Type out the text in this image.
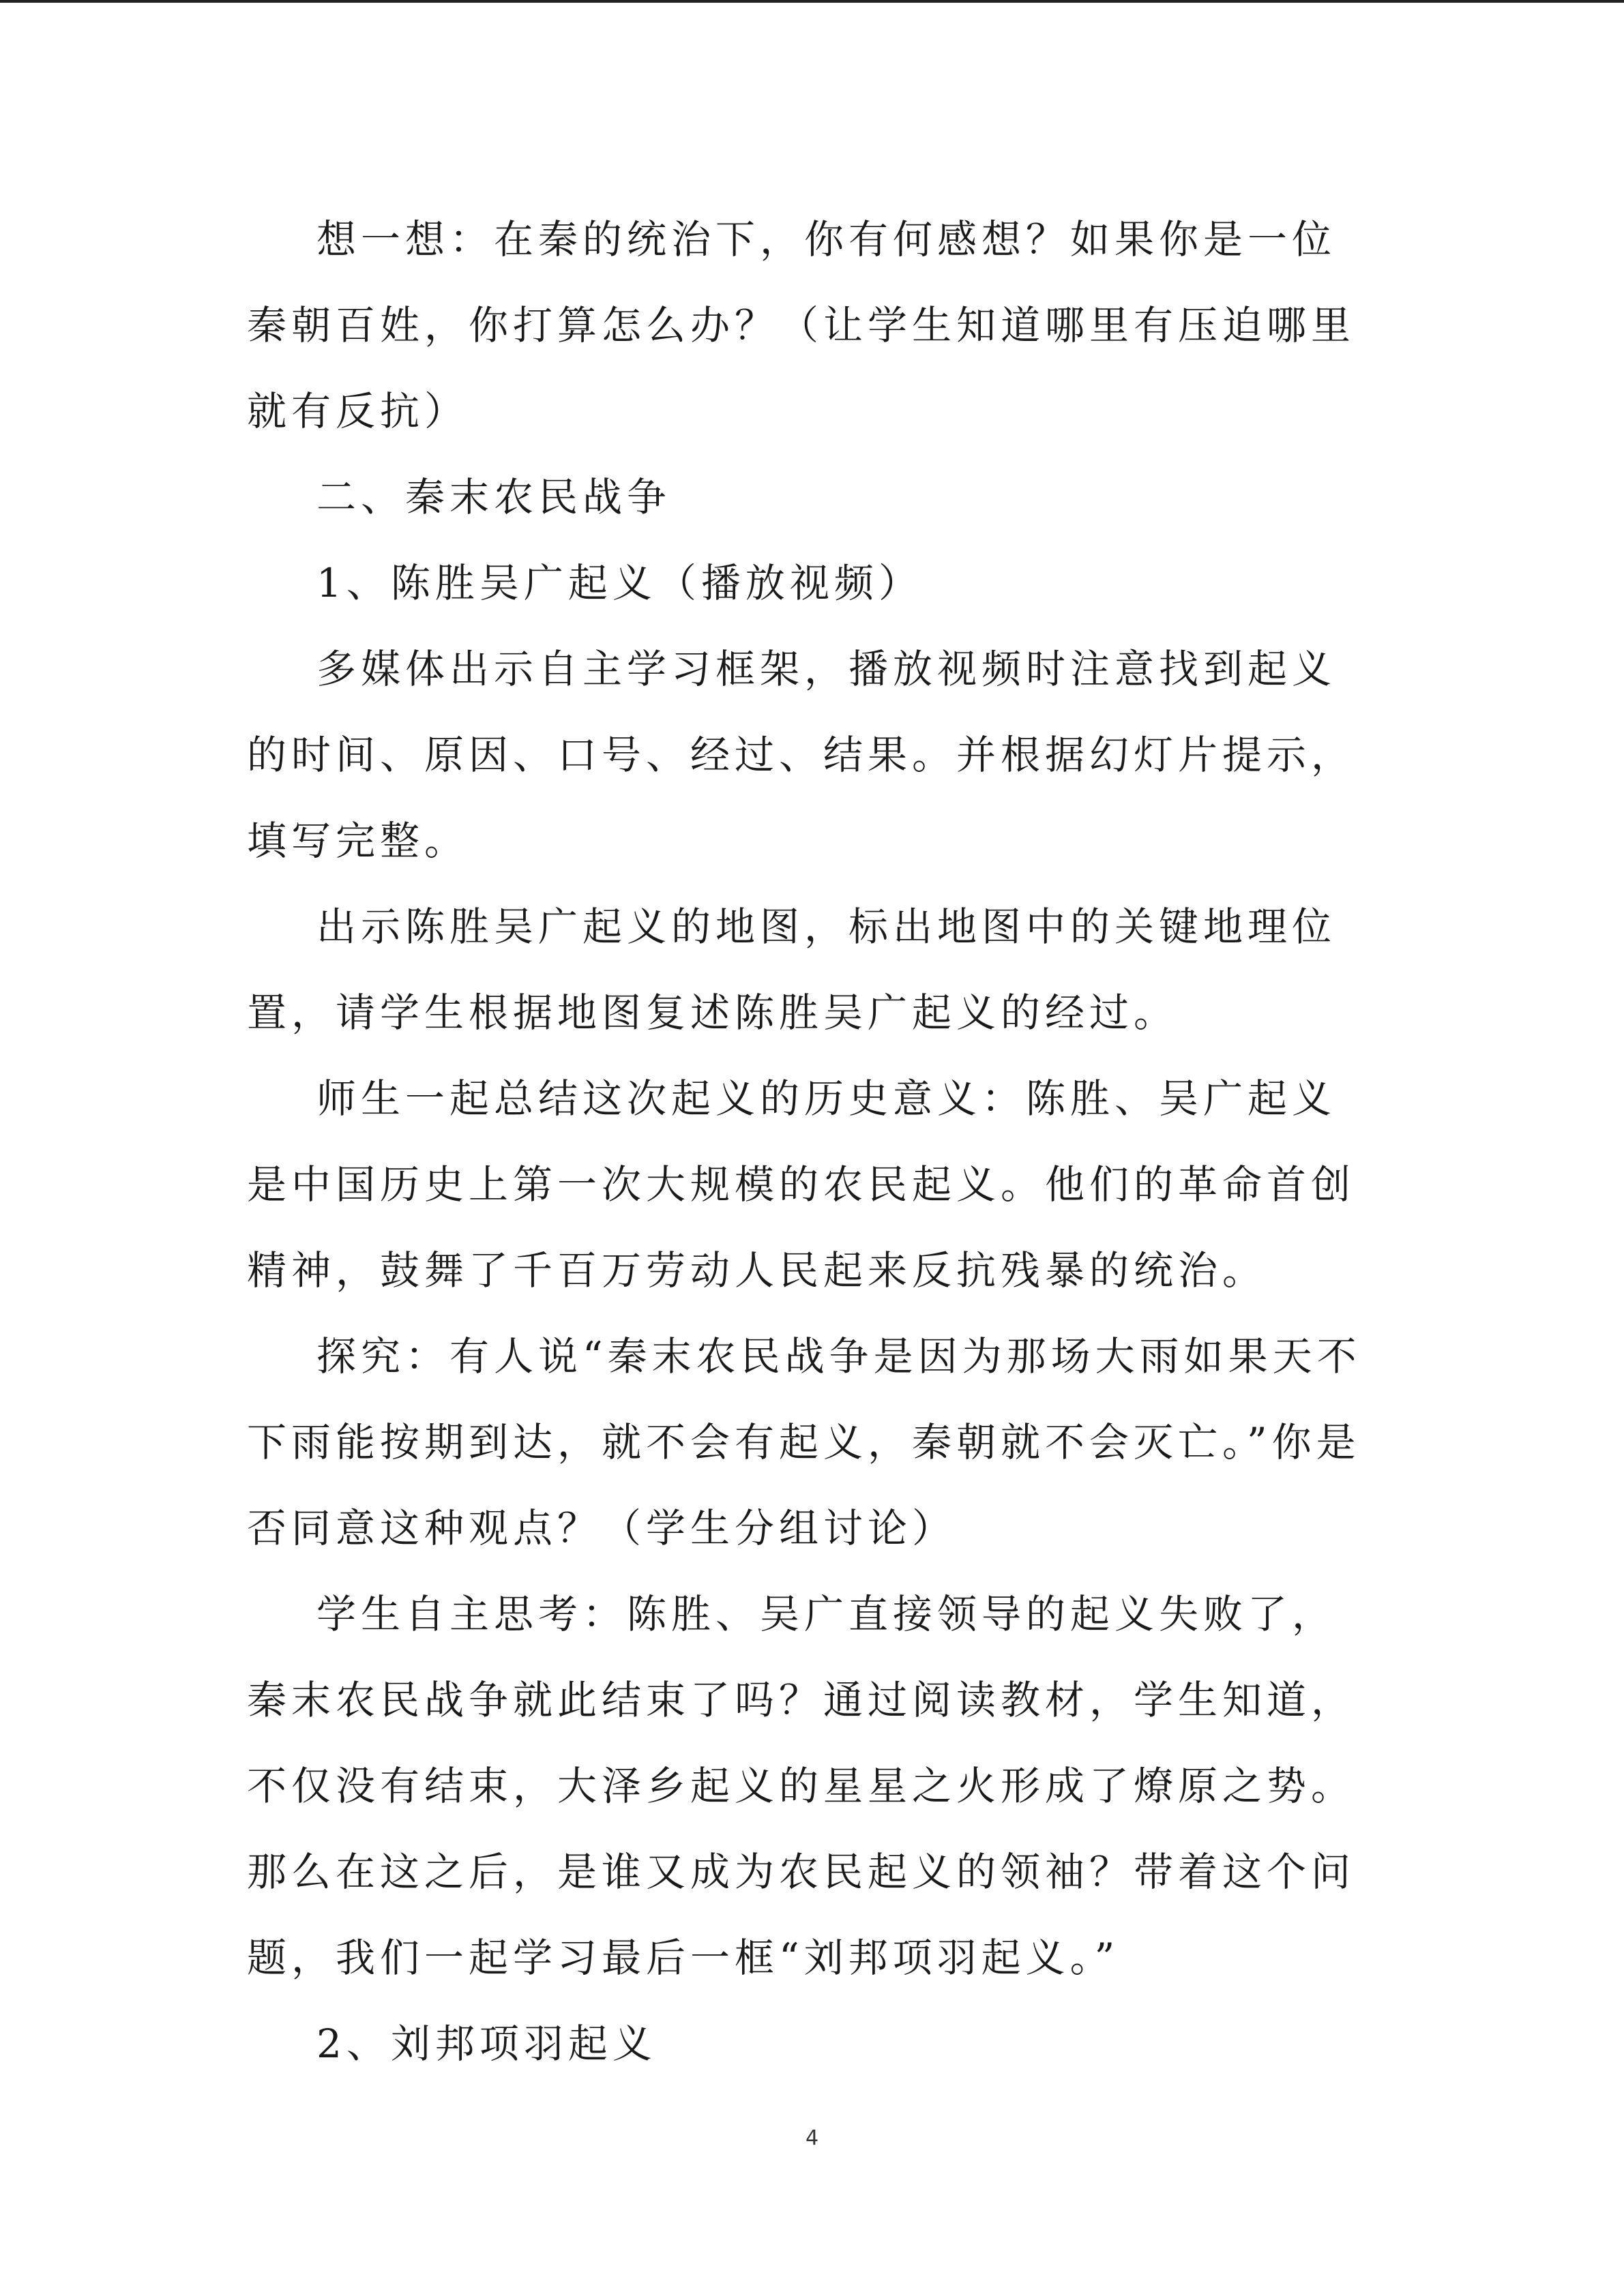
想一想：在秦的统治下，你有何感想？如果你是一位秦朝百姓，你打算怎么办？（让学生知道哪里有压迫哪里就有反抗）

二、秦末农民战争

1、陈胜吴广起义（播放视频）

多媒体出示自主学习框架，播放视频时注意找到起义的时间、原因、口号、经过、结果。并根据幻灯片提示，填写完整。

出示陈胜吴广起义的地图，标出地图中的关键地理位置，请学生根据地图复述陈胜吴广起义的经过。

师生一起总结这次起义的历史意义：陈胜、吴广起义是中国历史上第一次大规模的农民起义。他们的革命首创精神，鼓舞了千百万劳动人民起来反抗残暴的统治。

探究：有人说“秦末农民战争是因为那场大雨如果天不下雨能按期到达，就不会有起义，秦朝就不会灭亡。”你是否同意这种观点？（学生分组讨论）

学生自主思考：陈胜、吴广直接领导的起义失败了，秦末农民战争就此结束了吗？通过阅读教材，学生知道，不仅没有结束，大泽乡起义的星星之火形成了燎原之势。那么在这之后，是谁又成为农民起义的领袖？带着这个问题，我们一起学习最后一框“刘邦项羽起义。”

2、刘邦项羽起义

4
